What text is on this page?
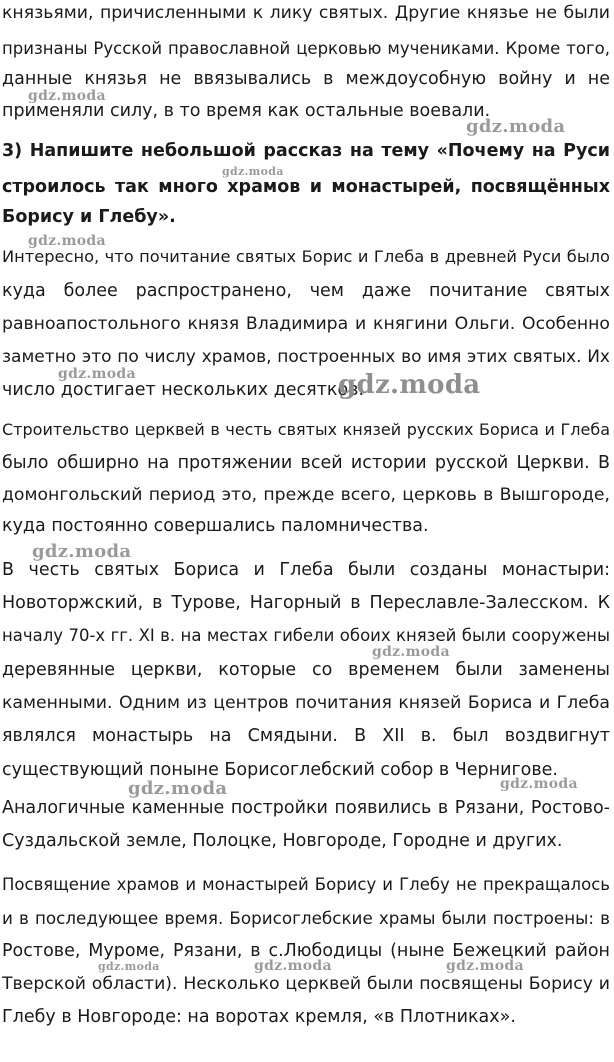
князьями, причисленными к лику святых. Другие князье не были
признаны Русской православной церковью мучениками. Кроме того,
данные князья не ввязывались в междоусобную войну и не
применяли силу, в то время как остальные воевали.
3) Напишите небольшой рассказ на тему «Почему на Руси
строилось так много храмов и монастырей, посвящённых
Борису и Глебу».
Интересно, что почитание святых Борис и Глеба в древней Руси было
куда более распространено, чем даже почитание святых
равноапостольного князя Владимира и княгини Ольги. Особенно
заметно это по числу храмов, построенных во имя этих святых. Их
число достигает нескольких десятков.
Строительство церквей в честь святых князей русских Бориса и Глеба
было обширно на протяжении всей истории русской Церкви. В
домонгольский период это, прежде всего, церковь в Вышгороде,
куда постоянно совершались паломничества.
В честь святых Бориса и Глеба были созданы монастыри:
Новоторжский, в Турове, Нагорный в Переславле-Залесском. К
началу 70-х гг. XI в. на местах гибели обоих князей были сооружены
деревянные церкви, которые со временем были заменены
каменными. Одним из центров почитания князей Бориса и Глеба
являлся монастырь на Смядыни. В XII в. был воздвигнут
существующий поныне Борисоглебский собор в Чернигове.
Аналогичные каменные постройки появились в Рязани, Ростово-
Суздальской земле, Полоцке, Новгороде, Городне и других.
Посвящение храмов и монастырей Борису и Глебу не прекращалось
и в последующее время. Борисоглебские храмы были построены: в
Ростове, Муроме, Рязани, в с.Любодицы (ныне Бежецкий район
Тверской области). Несколько церквей были посвящены Борису и
Глебу в Новгороде: на воротах кремля, «в Плотниках».
gdz.moda
gdz.moda
gdz.moda
gdz.moda
gdz.moda	gdz.moda
gdz.moda
gdz.moda
gdz.moda	gdz.moda
gdz.moda	gdz.moda	gdz.moda
